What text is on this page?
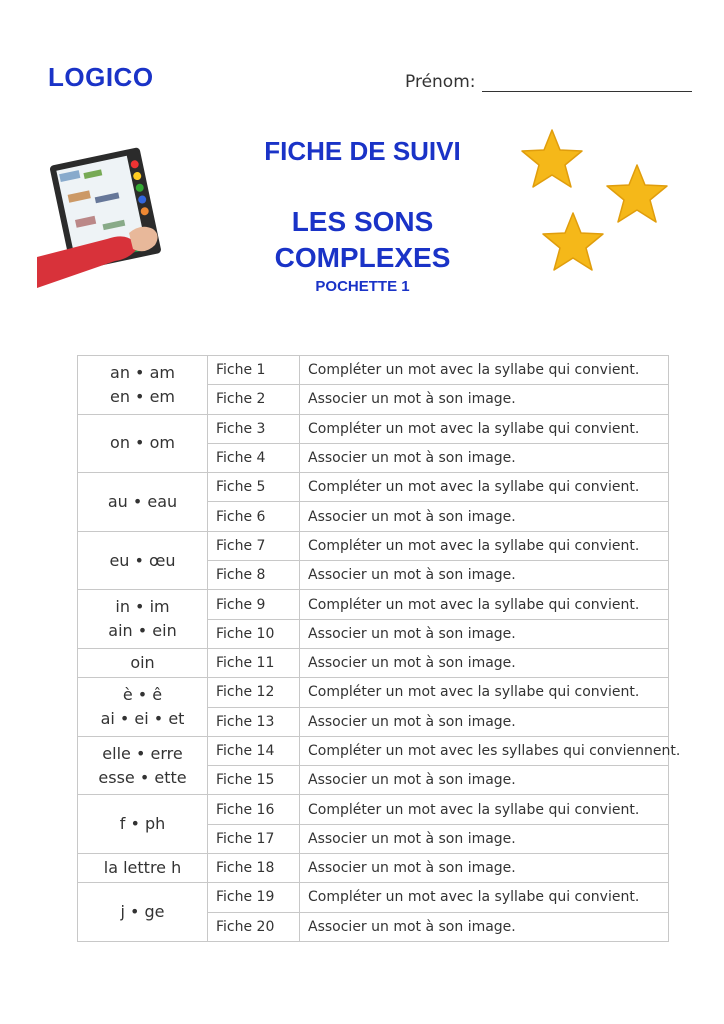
LOGICO	Prénom:
FICHE DE SUIVI
LES SONS
COMPLEXES
POCHETTE 1
an • am
en • em	Fiche 1	Compléter un mot avec la syllabe qui convient.
	Fiche 2	Associer un mot à son image.

on • om	Fiche 3	Compléter un mot avec la syllabe qui convient.
	Fiche 4	Associer un mot à son image.

au • eau	Fiche 5	Compléter un mot avec la syllabe qui convient.
	Fiche 6	Associer un mot à son image.

eu • œu	Fiche 7	Compléter un mot avec la syllabe qui convient.
	Fiche 8	Associer un mot à son image.

in • im
ain • ein	Fiche 9	Compléter un mot avec la syllabe qui convient.
	Fiche 10	Associer un mot à son image.

oin	Fiche 11	Associer un mot à son image.

è • ê
ai • ei • et	Fiche 12	Compléter un mot avec la syllabe qui convient.
	Fiche 13	Associer un mot à son image.

elle • erre
esse • ette	Fiche 14	Compléter un mot avec les syllabes qui conviennent.
	Fiche 15	Associer un mot à son image.

f • ph	Fiche 16	Compléter un mot avec la syllabe qui convient.
	Fiche 17	Associer un mot à son image.

la lettre h	Fiche 18	Associer un mot à son image.

j • ge	Fiche 19	Compléter un mot avec la syllabe qui convient.
	Fiche 20	Associer un mot à son image.
